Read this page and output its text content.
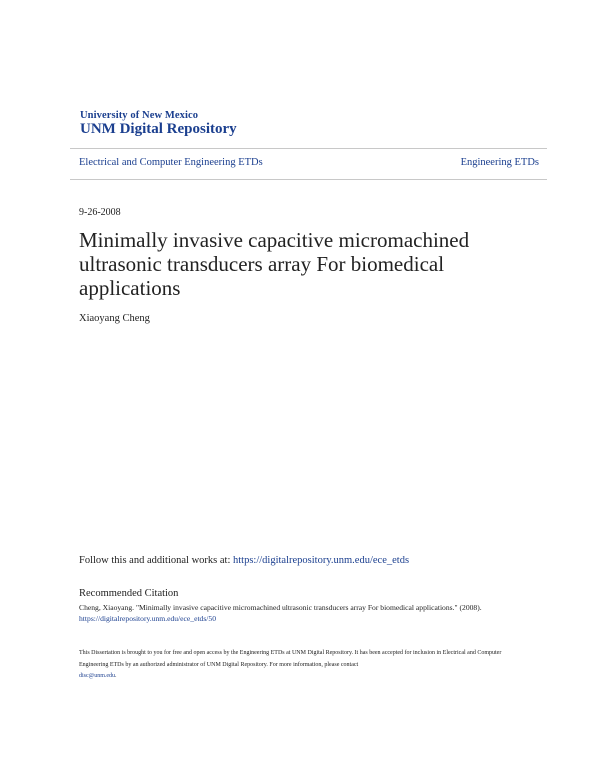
University of New Mexico
UNM Digital Repository
Electrical and Computer Engineering ETDs	Engineering ETDs
9-26-2008
Minimally invasive capacitive micromachined ultrasonic transducers array For biomedical applications
Xiaoyang Cheng
Follow this and additional works at: https://digitalrepository.unm.edu/ece_etds
Recommended Citation
Cheng, Xiaoyang. "Minimally invasive capacitive micromachined ultrasonic transducers array For biomedical applications." (2008).
https://digitalrepository.unm.edu/ece_etds/50
This Dissertation is brought to you for free and open access by the Engineering ETDs at UNM Digital Repository. It has been accepted for inclusion in Electrical and Computer Engineering ETDs by an authorized administrator of UNM Digital Repository. For more information, please contact
disc@unm.edu.
